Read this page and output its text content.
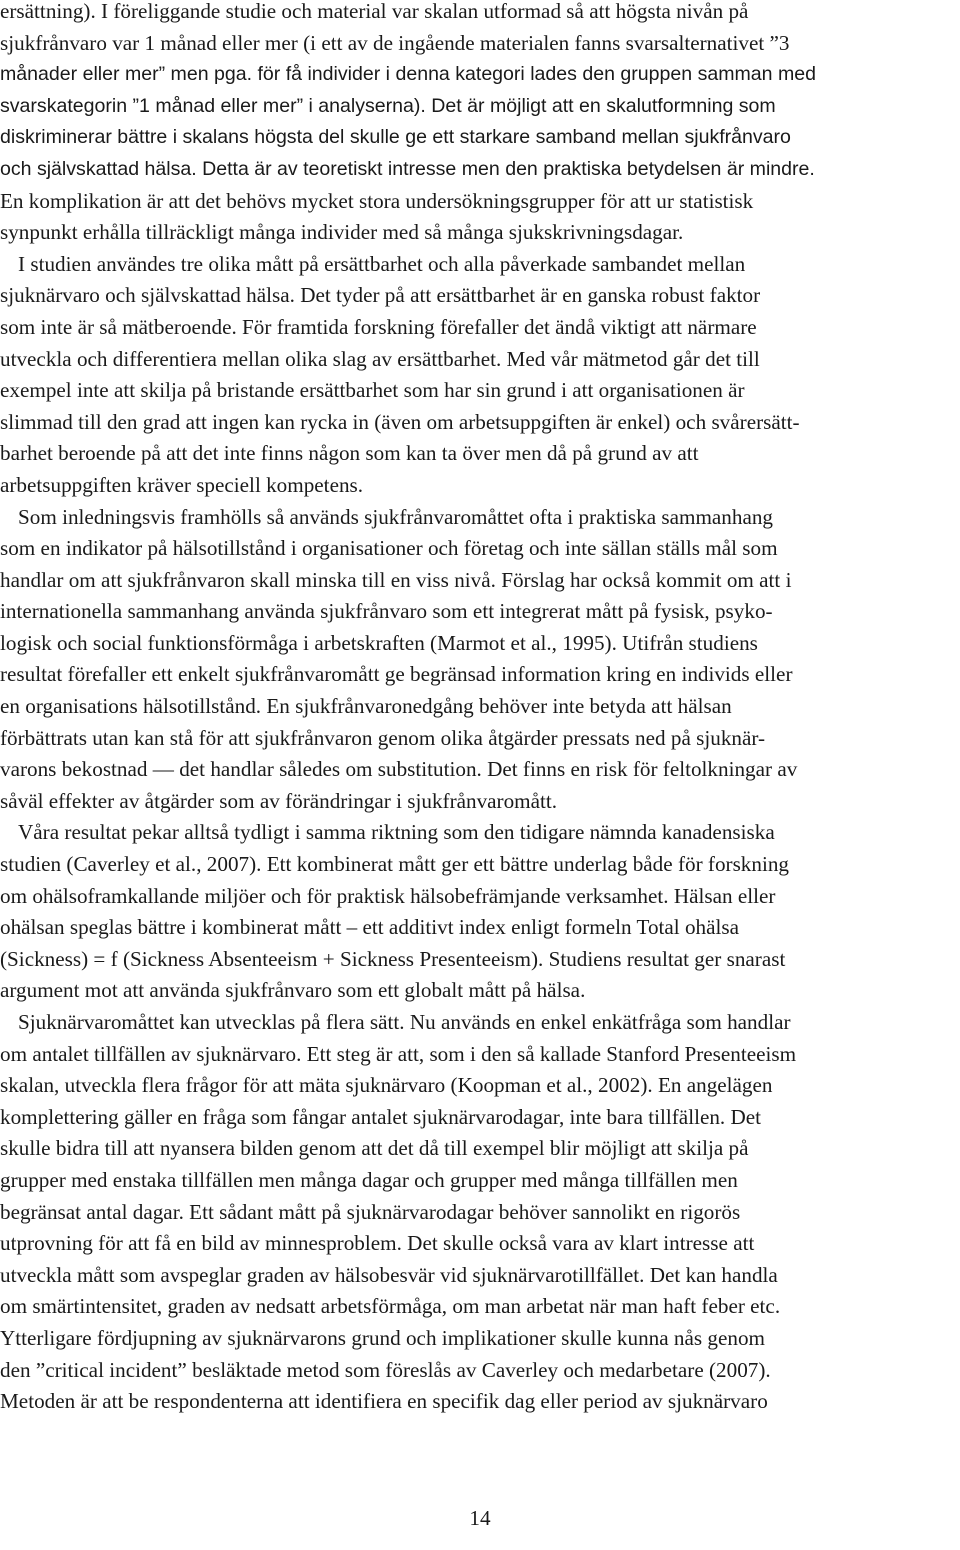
ersättning). I föreliggande studie och material var skalan utformad så att högsta nivån på
sjukfrånvaro var 1 månad eller mer (i ett av de ingående materialen fanns svarsalternativet ”3
månader eller mer” men pga. för få individer i denna kategori lades den gruppen samman med
svarskategorin ”1 månad eller mer” i analyserna). Det är möjligt att en skalutformning som
diskriminerar bättre i skalans högsta del skulle ge ett starkare samband mellan sjukfrånvaro
och självskattad hälsa. Detta är av teoretiskt intresse men den praktiska betydelsen är mindre.
En komplikation är att det behövs mycket stora undersökningsgrupper för att ur statistisk
synpunkt erhålla tillräckligt många individer med så många sjukskrivningsdagar.
I studien användes tre olika mått på ersättbarhet och alla påverkade sambandet mellan
sjuknärvaro och självskattad hälsa. Det tyder på att ersättbarhet är en ganska robust faktor
som inte är så mätberoende. För framtida forskning förefaller det ändå viktigt att närmare
utveckla och differentiera mellan olika slag av ersättbarhet. Med vår mätmetod går det till
exempel inte att skilja på bristande ersättbarhet som har sin grund i att organisationen är
slimmad till den grad att ingen kan rycka in (även om arbetsuppgiften är enkel) och svårersätt-
barhet beroende på att det inte finns någon som kan ta över men då på grund av att
arbetsuppgiften kräver speciell kompetens.
Som inledningsvis framhölls så används sjukfrånvaromåttet ofta i praktiska sammanhang
som en indikator på hälsotillstånd i organisationer och företag och inte sällan ställs mål som
handlar om att sjukfrånvaron skall minska till en viss nivå. Förslag har också kommit om att i
internationella sammanhang använda sjukfrånvaro som ett integrerat mått på fysisk, psyko-
logisk och social funktionsförmåga i arbetskraften (Marmot et al., 1995). Utifrån studiens
resultat förefaller ett enkelt sjukfrånvaromått ge begränsad information kring en individs eller
en organisations hälsotillstånd. En sjukfrånvaronedgång behöver inte betyda att hälsan
förbättrats utan kan stå för att sjukfrånvaron genom olika åtgärder pressats ned på sjuknär-
varons bekostnad — det handlar således om substitution. Det finns en risk för feltolkningar av
såväl effekter av åtgärder som av förändringar i sjukfrånvaromått.
Våra resultat pekar alltså tydligt i samma riktning som den tidigare nämnda kanadensiska
studien (Caverley et al., 2007). Ett kombinerat mått ger ett bättre underlag både för forskning
om ohälsoframkallande miljöer och för praktisk hälsobefrämjande verksamhet. Hälsan eller
ohälsan speglas bättre i kombinerat mått – ett additivt index enligt formeln Total ohälsa
(Sickness) = f (Sickness Absenteeism + Sickness Presenteeism). Studiens resultat ger snarast
argument mot att använda sjukfrånvaro som ett globalt mått på hälsa.
Sjuknärvaromåttet kan utvecklas på flera sätt. Nu används en enkel enkätfråga som handlar
om antalet tillfällen av sjuknärvaro. Ett steg är att, som i den så kallade Stanford Presenteeism
skalan, utveckla flera frågor för att mäta sjuknärvaro (Koopman et al., 2002). En angelägen
komplettering gäller en fråga som fångar antalet sjuknärvarodagar, inte bara tillfällen. Det
skulle bidra till att nyansera bilden genom att det då till exempel blir möjligt att skilja på
grupper med enstaka tillfällen men många dagar och grupper med många tillfällen men
begränsat antal dagar. Ett sådant mått på sjuknärvarodagar behöver sannolikt en rigorös
utprovning för att få en bild av minnesproblem. Det skulle också vara av klart intresse att
utveckla mått som avspeglar graden av hälsobesvär vid sjuknärvarotillfället. Det kan handla
om smärtintensitet, graden av nedsatt arbetsförmåga, om man arbetat när man haft feber etc.
Ytterligare fördjupning av sjuknärvarons grund och implikationer skulle kunna nås genom
den ”critical incident” besläktade metod som föreslås av Caverley och medarbetare (2007).
Metoden är att be respondenterna att identifiera en specifik dag eller period av sjuknärvaro
14
